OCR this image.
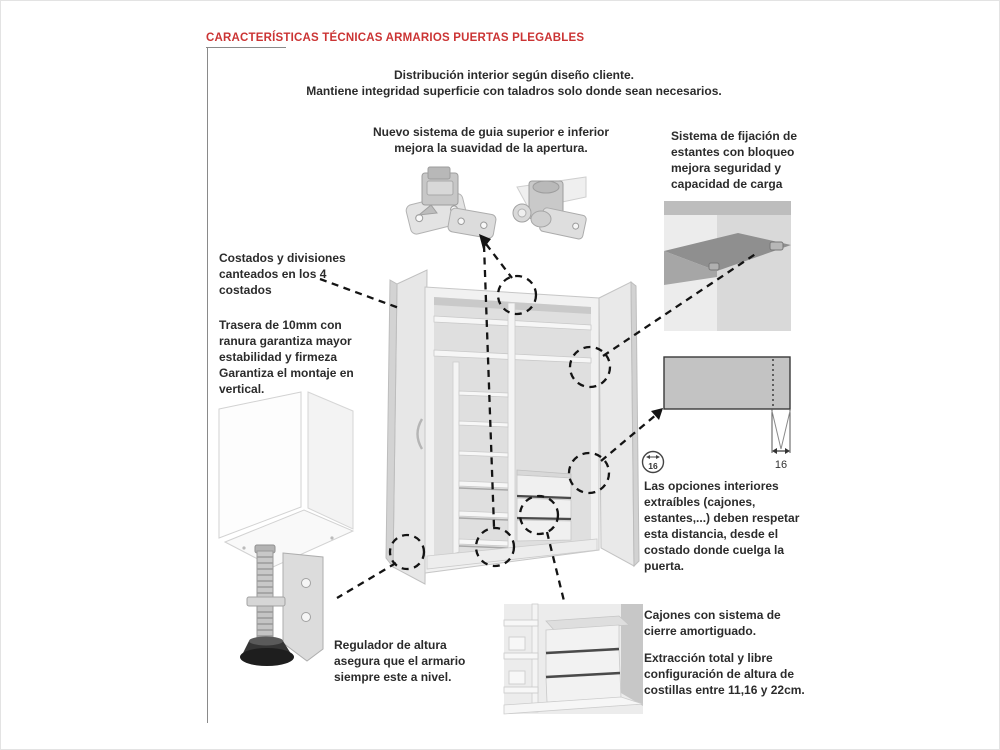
CARACTERÍSTICAS TÉCNICAS ARMARIOS PUERTAS PLEGABLES
Distribución interior según diseño cliente.
Mantiene integridad superficie con taladros solo donde sean necesarios.
Nuevo sistema de guia superior e inferior
mejora la suavidad de la apertura.
Sistema de fijación de estantes con bloqueo mejora seguridad y capacidad de carga
Costados y divisiones canteados en los 4 costados
Trasera de 10mm con ranura garantiza mayor estabilidad y firmeza
Garantiza el montaje en vertical.
Las opciones interiores extraíbles (cajones, estantes,...) deben respetar esta distancia, desde el costado donde cuelga la puerta.
Cajones con sistema de cierre amortiguado.
Extracción total y libre configuración de altura de costillas entre 11,16 y 22cm.
Regulador de altura asegura que el armario siempre este a nivel.
16
16
